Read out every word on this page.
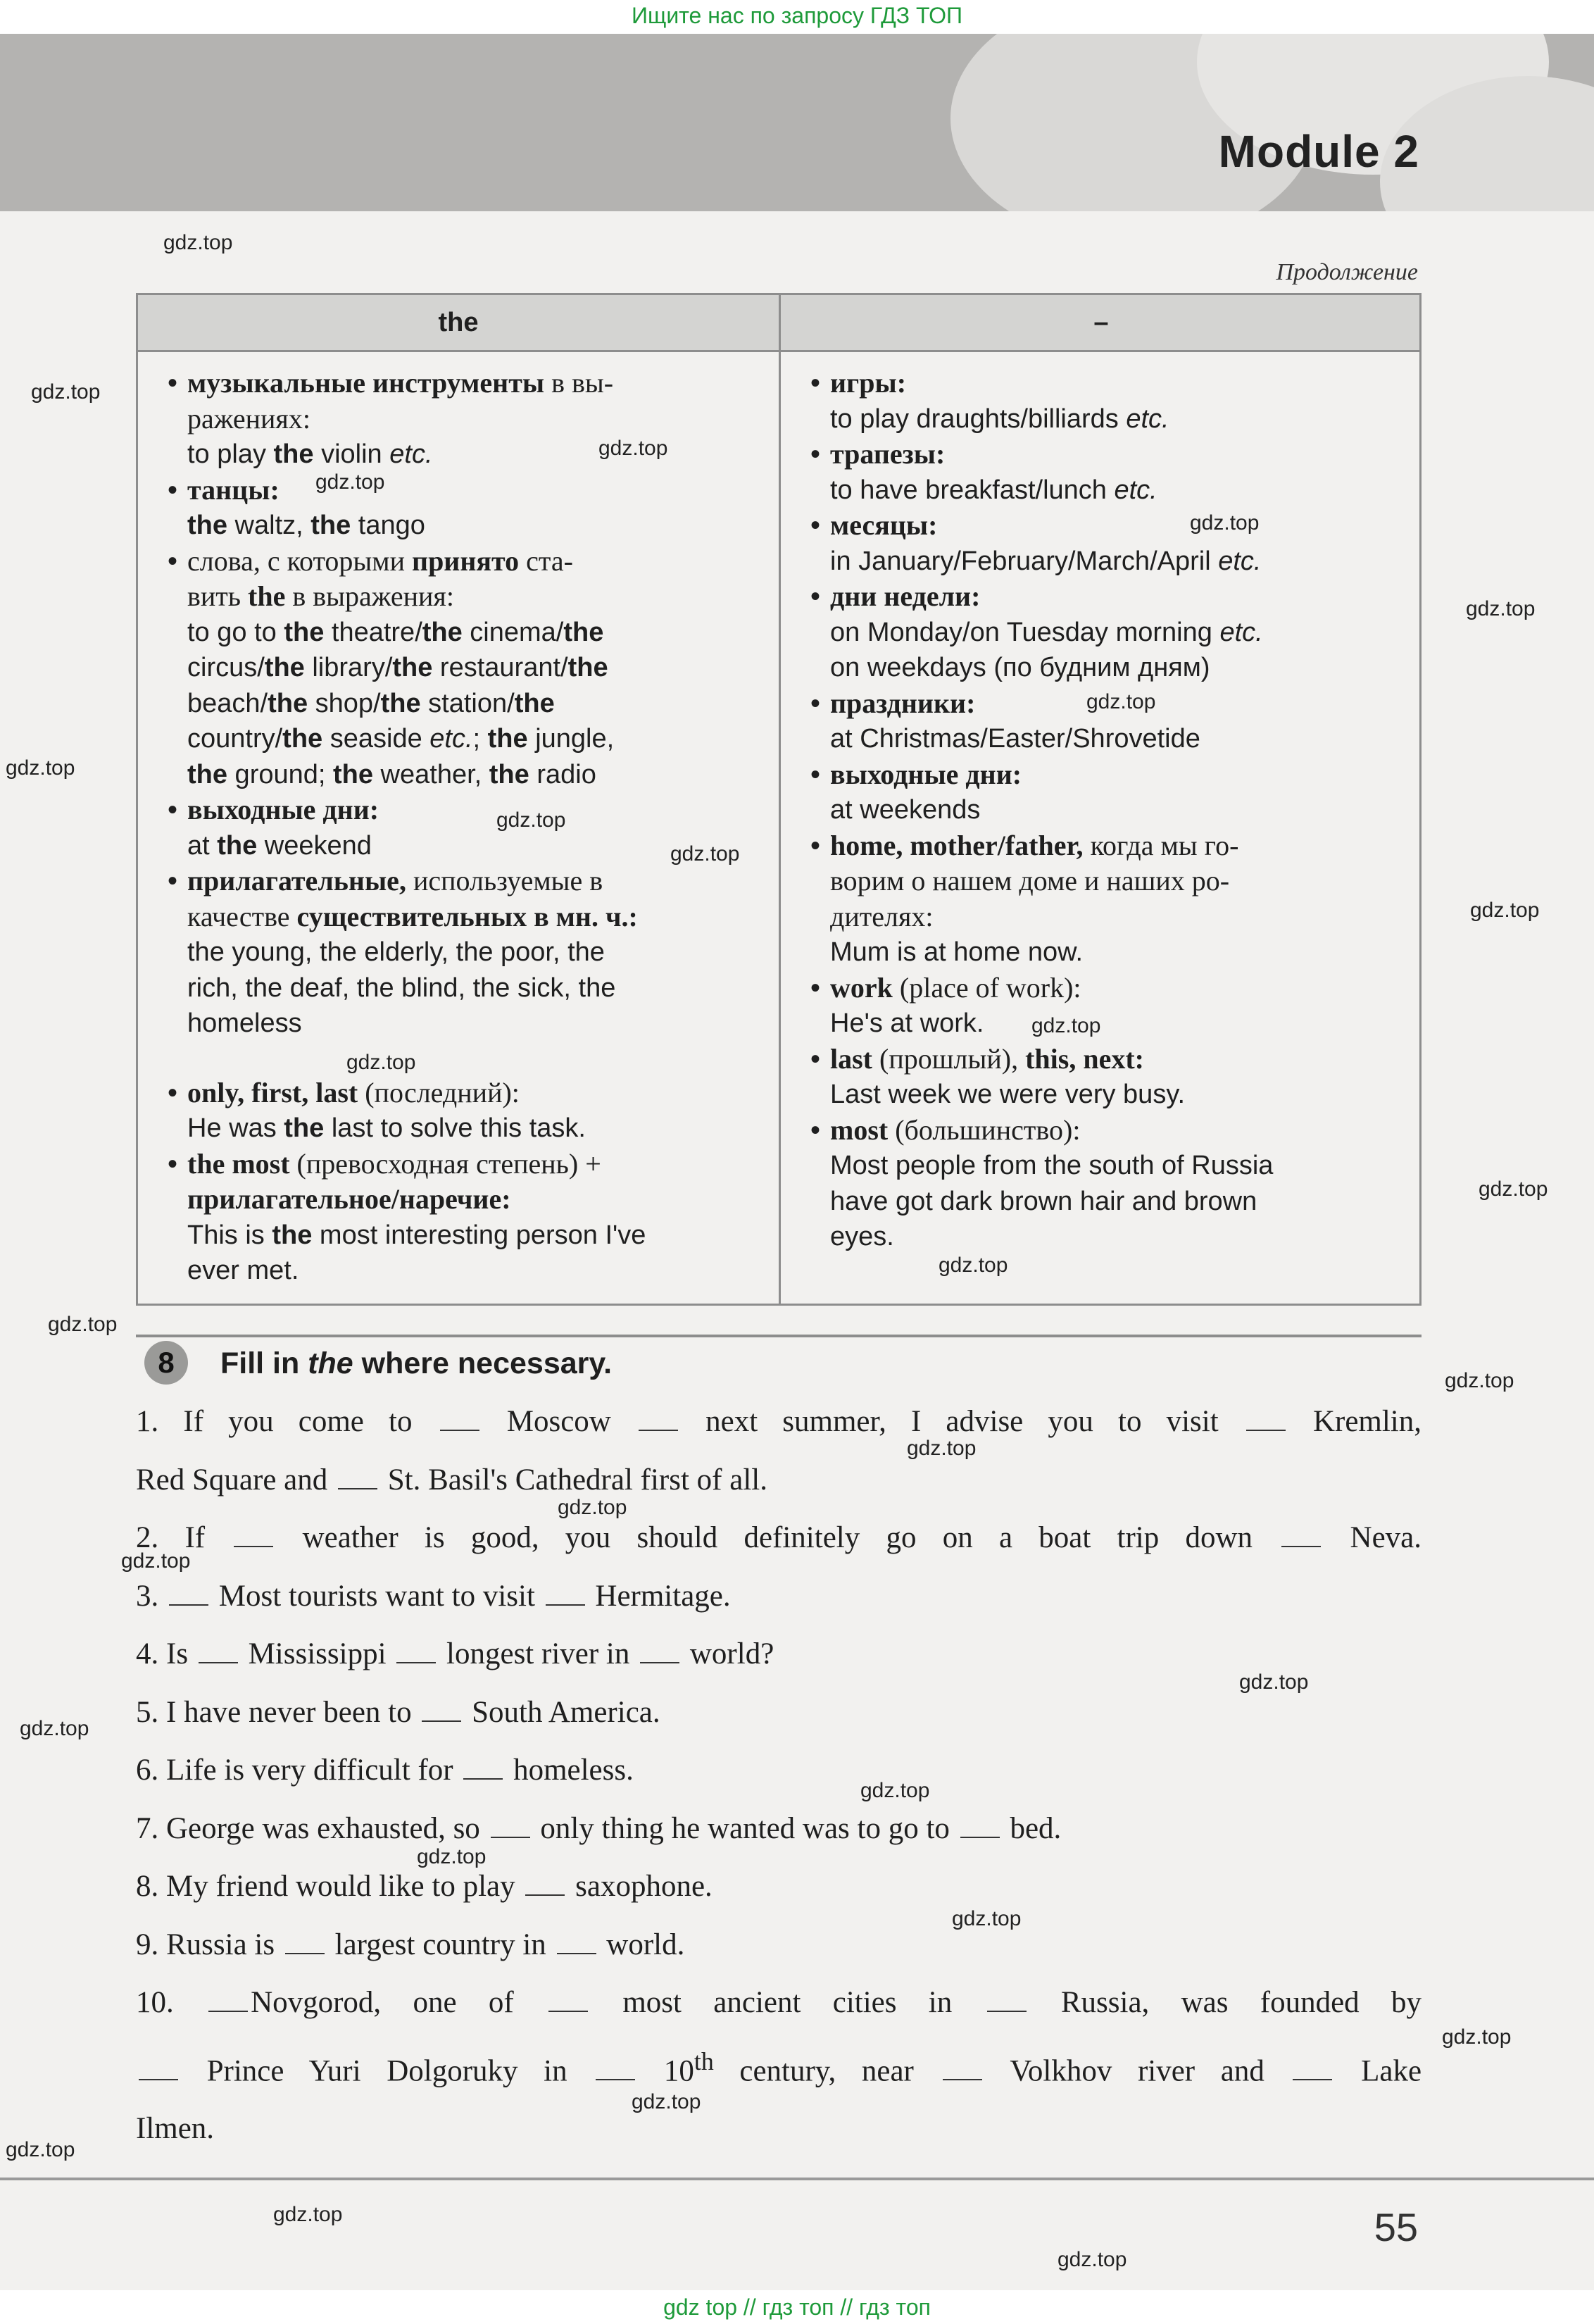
Ищите нас по запросу ГДЗ ТОП
Module 2
Продолжение
the	–
• музыкальные инструменты в вы-
ражениях:
to play the violin etc.
• танцы:
the waltz, the tango
• слова, с которыми принято ста-
вить the в выражения:
to go to the theatre/the cinema/the
circus/the library/the restaurant/the
beach/the shop/the station/the
country/the seaside etc.; the jungle,
the ground; the weather, the radio
• выходные дни:
at the weekend
• прилагательные, используемые в
качестве существительных в мн. ч.:
the young, the elderly, the poor, the
rich, the deaf, the blind, the sick, the
homeless
• only, first, last (последний):
He was the last to solve this task.
• the most (превосходная степень) +
прилагательное/наречие:
This is the most interesting person I've
ever met.
• игры:
to play draughts/billiards etc.
• трапезы:
to have breakfast/lunch etc.
• месяцы:
in January/February/March/April etc.
• дни недели:
on Monday/on Tuesday morning etc.
on weekdays (по будним дням)
• праздники:
at Christmas/Easter/Shrovetide
• выходные дни:
at weekends
• home, mother/father, когда мы го-
ворим о нашем доме и наших ро-
дителях:
Mum is at home now.
• work (place of work):
He's at work.
• last (прошлый), this, next:
Last week we were very busy.
• most (большинство):
Most people from the south of Russia
have got dark brown hair and brown
eyes.
8	Fill in the where necessary.
1. If you come to  Moscow  next summer, I advise you to visit  Kremlin,
Red Square and  St. Basil's Cathedral first of all.
2. If  weather is good, you should definitely go on a boat trip down  Neva.
3.  Most tourists want to visit  Hermitage.
4. Is  Mississippi  longest river in  world?
5. I have never been to  South America.
6. Life is very difficult for  homeless.
7. George was exhausted, so  only thing he wanted was to go to  bed.
8. My friend would like to play  saxophone.
9. Russia is  largest country in  world.
10. Novgorod, one of  most ancient cities in  Russia, was founded by
Prince Yuri Dolgoruky in  10th century, near  Volkhov river and  Lake
Ilmen.
55
gdz top // гдз топ // гдз топ
gdz.top
gdz.top
gdz.top
gdz.top
gdz.top
gdz.top
gdz.top
gdz.top
gdz.top
gdz.top
gdz.top
gdz.top
gdz.top
gdz.top
gdz.top
gdz.top
gdz.top
gdz.top
gdz.top
gdz.top
gdz.top
gdz.top
gdz.top
gdz.top
gdz.top
gdz.top
gdz.top
gdz.top
gdz.top
gdz.top
